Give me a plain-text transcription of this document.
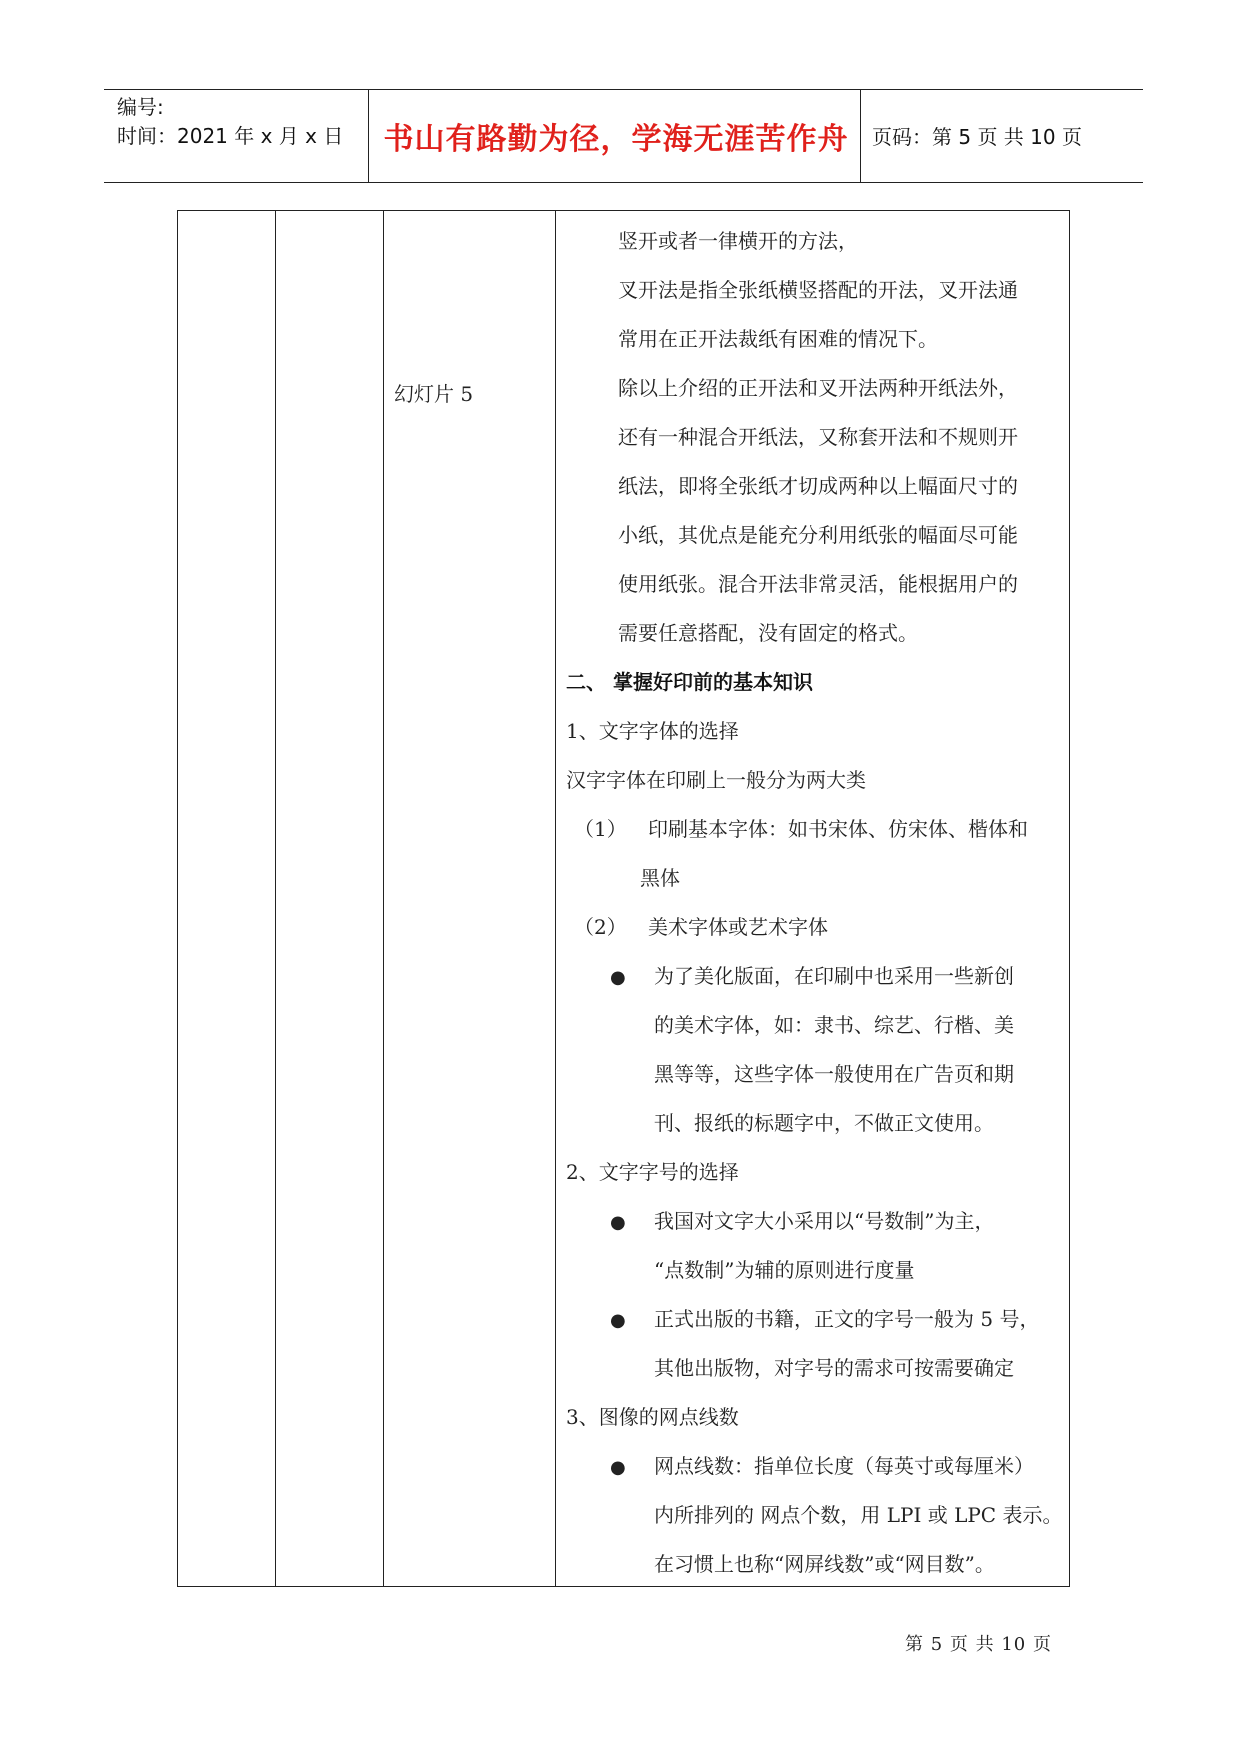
编号:
时间：2021 年 x 月 x 日	书山有路勤为径，学海无涯苦作舟	页码：第 5 页 共 10 页
幻灯片 5
竖开或者一律横开的方法，
叉开法是指全张纸横竖搭配的开法，叉开法通
常用在正开法裁纸有困难的情况下。
除以上介绍的正开法和叉开法两种开纸法外，
还有一种混合开纸法，又称套开法和不规则开
纸法，即将全张纸才切成两种以上幅面尺寸的
小纸，其优点是能充分利用纸张的幅面尽可能
使用纸张。混合开法非常灵活，能根据用户的
需要任意搭配，没有固定的格式。
二、 掌握好印前的基本知识
1、文字字体的选择
汉字字体在印刷上一般分为两大类
（1） 印刷基本字体：如书宋体、仿宋体、楷体和
黑体
（2） 美术字体或艺术字体
● 为了美化版面，在印刷中也采用一些新创
的美术字体，如：隶书、综艺、行楷、美
黑等等，这些字体一般使用在广告页和期
刊、报纸的标题字中，不做正文使用。
2、文字字号的选择
● 我国对文字大小采用以“号数制”为主，
“点数制”为辅的原则进行度量
● 正式出版的书籍，正文的字号一般为 5 号，
其他出版物，对字号的需求可按需要确定
3、图像的网点线数
● 网点线数：指单位长度（每英寸或每厘米）
内所排列的 网点个数，用 LPI 或 LPC 表示。
在习惯上也称“网屏线数”或“网目数”。
第 5 页 共 10 页
